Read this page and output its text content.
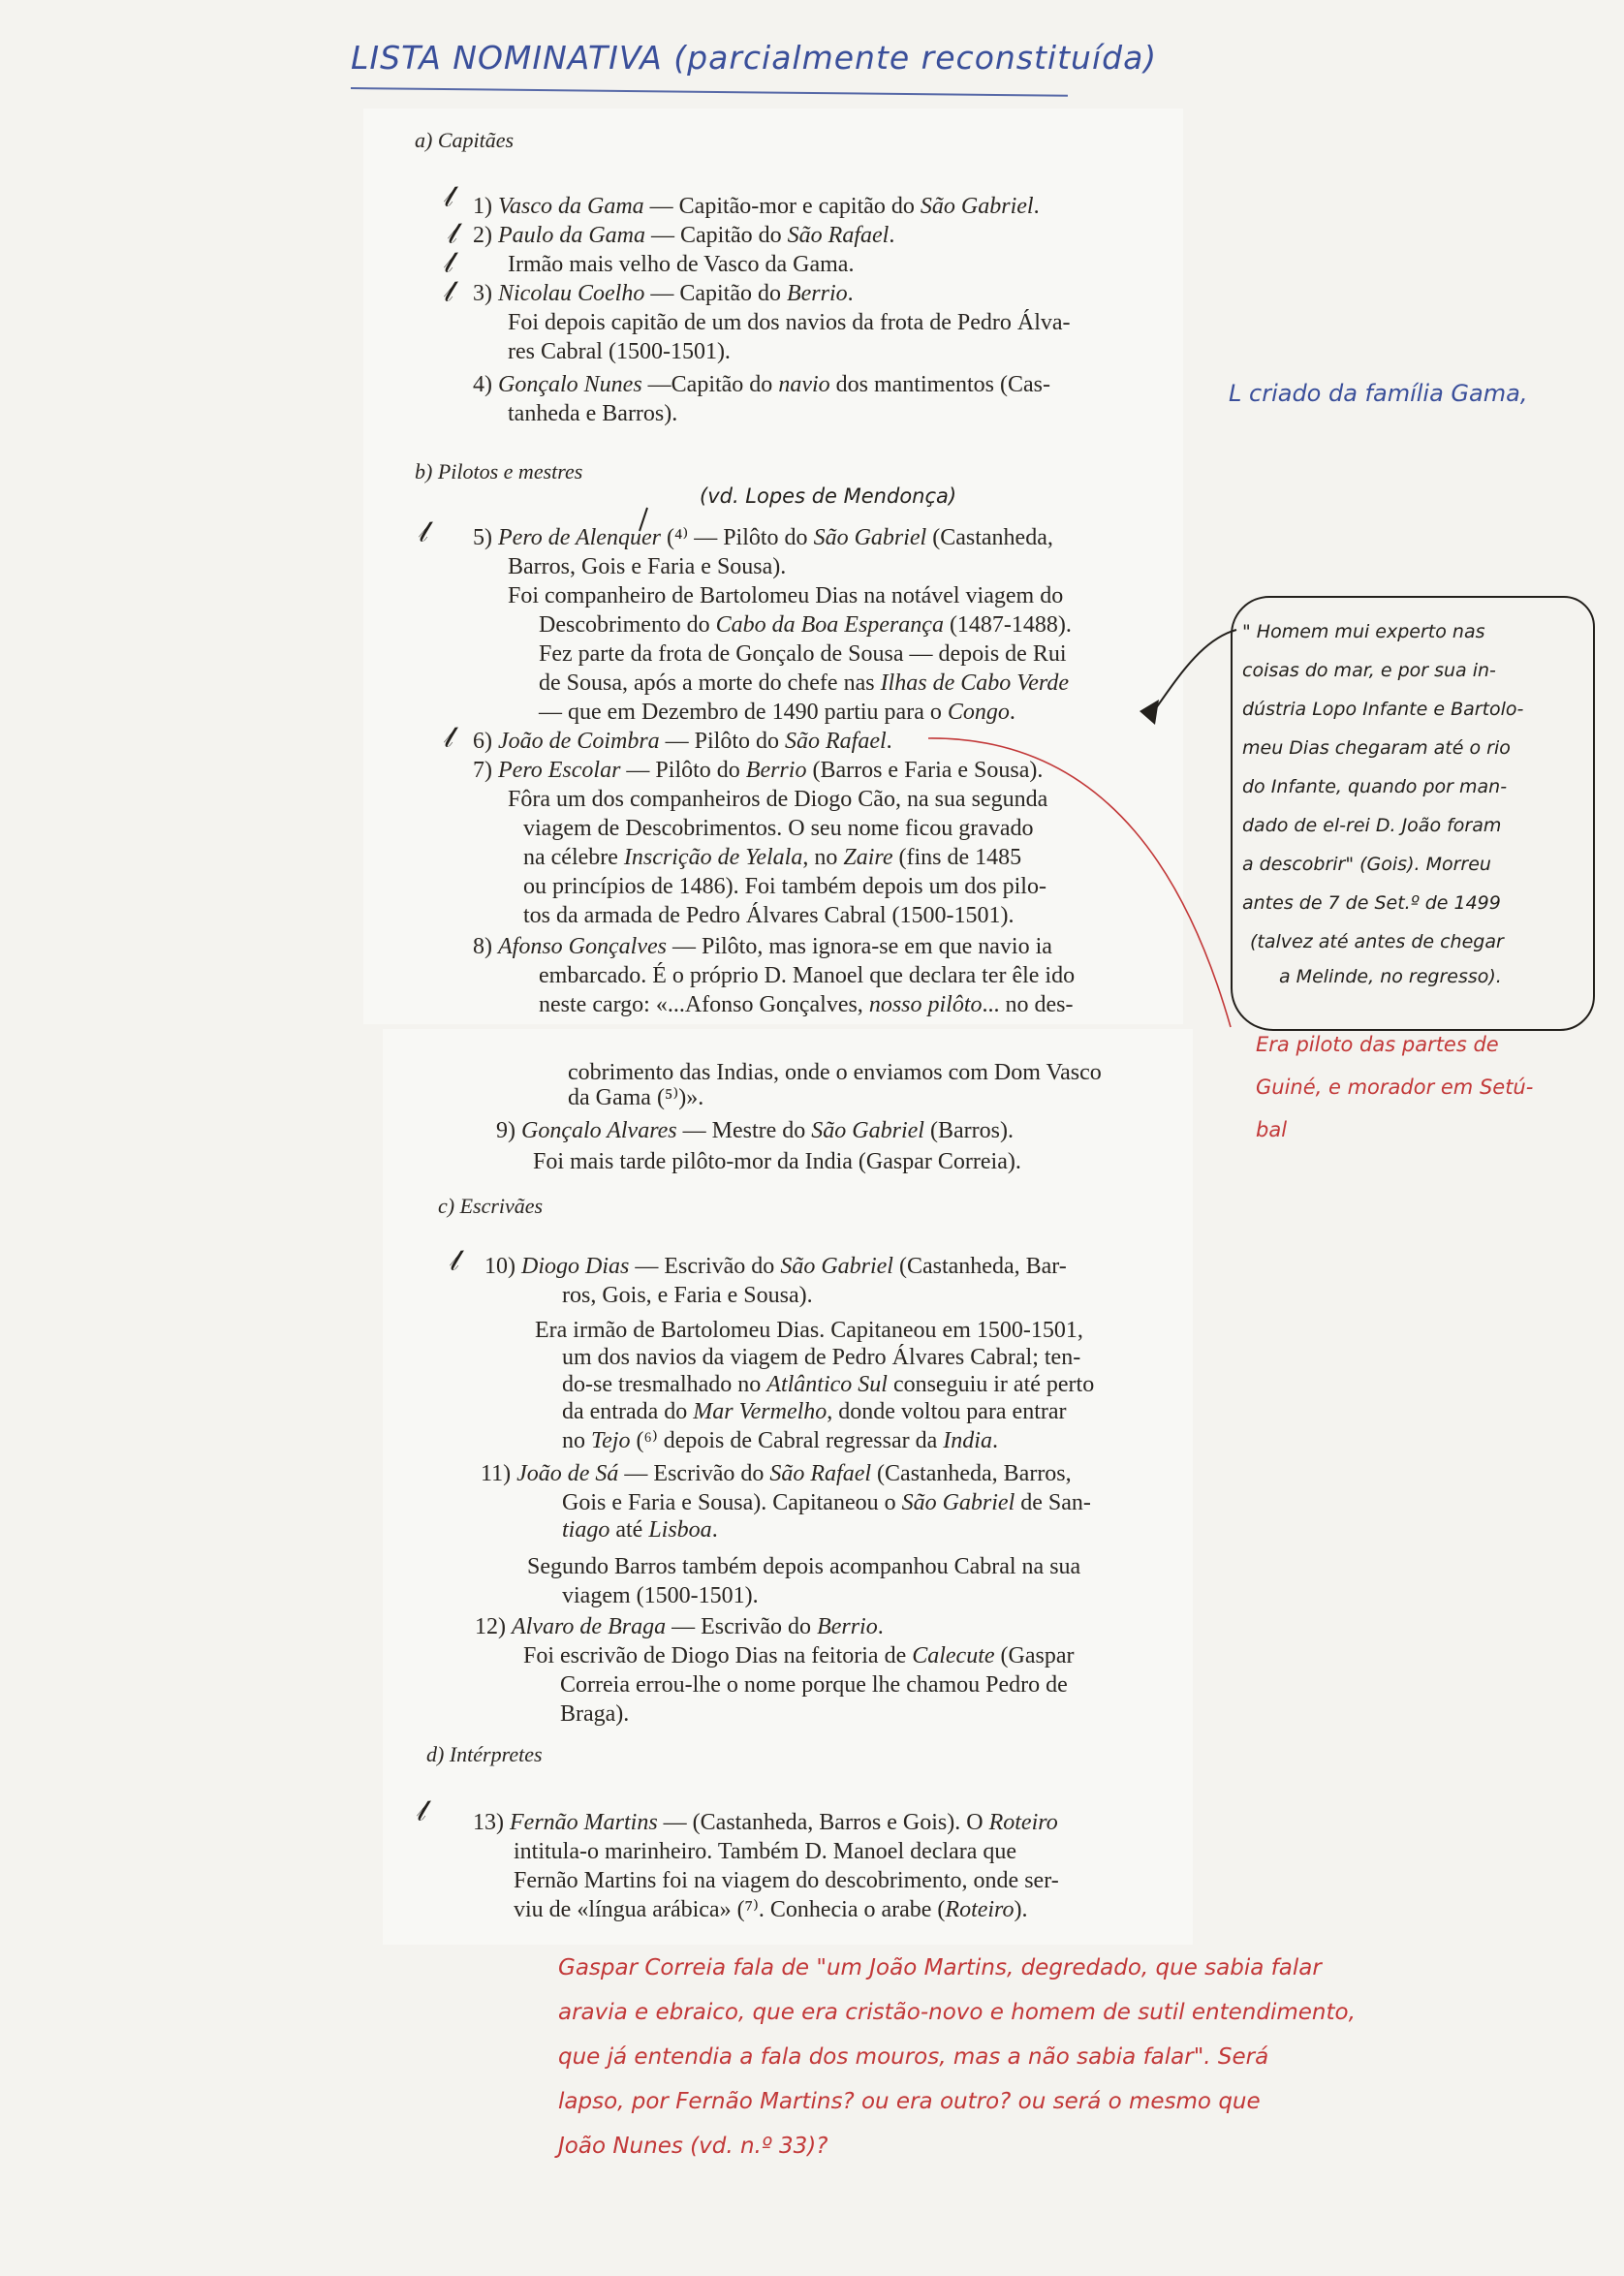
LISTA NOMINATIVA (parcialmente reconstituída)
a) Capitães
1) Vasco da Gama — Capitão-mor e capitão do São Gabriel.
2) Paulo da Gama — Capitão do São Rafael.
Irmão mais velho de Vasco da Gama.
3) Nicolau Coelho — Capitão do Berrio.
Foi depois capitão de um dos navios da frota de Pedro Álva-
res Cabral (1500-1501).
4) Gonçalo Nunes —Capitão do navio dos mantimentos (Cas-
tanheda e Barros).
b) Pilotos e mestres
5) Pero de Alenquer (⁴⁾ — Pilôto do São Gabriel (Castanheda,
Barros, Gois e Faria e Sousa).
Foi companheiro de Bartolomeu Dias na notável viagem do
Descobrimento do Cabo da Boa Esperança (1487-1488).
Fez parte da frota de Gonçalo de Sousa — depois de Rui
de Sousa, após a morte do chefe nas Ilhas de Cabo Verde
— que em Dezembro de 1490 partiu para o Congo.
6) João de Coimbra — Pilôto do São Rafael.
7) Pero Escolar — Pilôto do Berrio (Barros e Faria e Sousa).
Fôra um dos companheiros de Diogo Cão, na sua segunda
viagem de Descobrimentos. O seu nome ficou gravado
na célebre Inscrição de Yelala, no Zaire (fins de 1485
ou princípios de 1486). Foi também depois um dos pilo-
tos da armada de Pedro Álvares Cabral (1500-1501).
8) Afonso Gonçalves — Pilôto, mas ignora-se em que navio ia
embarcado. É o próprio D. Manoel que declara ter êle ido
neste cargo: «...Afonso Gonçalves, nosso pilôto... no des-
cobrimento das Indias, onde o enviamos com Dom Vasco
da Gama (⁵⁾)».
9) Gonçalo Alvares — Mestre do São Gabriel (Barros).
Foi mais tarde pilôto-mor da India (Gaspar Correia).
c) Escrivães
10) Diogo Dias — Escrivão do São Gabriel (Castanheda, Bar-
ros, Gois, e Faria e Sousa).
Era irmão de Bartolomeu Dias. Capitaneou em 1500-1501,
um dos navios da viagem de Pedro Álvares Cabral; ten-
do-se tresmalhado no Atlântico Sul conseguiu ir até perto
da entrada do Mar Vermelho, donde voltou para entrar
no Tejo (⁶⁾ depois de Cabral regressar da India.
11) João de Sá — Escrivão do São Rafael (Castanheda, Barros,
Gois e Faria e Sousa). Capitaneou o São Gabriel de San-
tiago até Lisboa.
Segundo Barros também depois acompanhou Cabral na sua
viagem (1500-1501).
12) Alvaro de Braga — Escrivão do Berrio.
Foi escrivão de Diogo Dias na feitoria de Calecute (Gaspar
Correia errou-lhe o nome porque lhe chamou Pedro de
Braga).
d) Intérpretes
13) Fernão Martins — (Castanheda, Barros e Gois). O Roteiro
intitula-o marinheiro. Também D. Manoel declara que
Fernão Martins foi na viagem do descobrimento, onde ser-
viu de «língua arábica» (⁷⁾. Conhecia o arabe (Roteiro).
𝓁
𝓁
𝓁
𝓁
𝓁
𝓁
𝓁
𝓁
(vd. Lopes de Mendonça)
L criado da família Gama,
" Homem mui experto nas
coisas do mar, e por sua in-
dústria Lopo Infante e Bartolo-
meu Dias chegaram até o rio
do Infante, quando por man-
dado de el-rei D. João foram
a descobrir" (Gois). Morreu
antes de 7 de Set.º de 1499
(talvez até antes de chegar
a Melinde, no regresso).
Era piloto das partes de
Guiné, e morador em Setú-
bal
Gaspar Correia fala de "um João Martins, degredado, que sabia falar
aravia e ebraico, que era cristão-novo e homem de sutil entendimento,
que já entendia a fala dos mouros, mas a não sabia falar". Será
lapso, por Fernão Martins? ou era outro? ou será o mesmo que
João Nunes (vd. n.º 33)?
